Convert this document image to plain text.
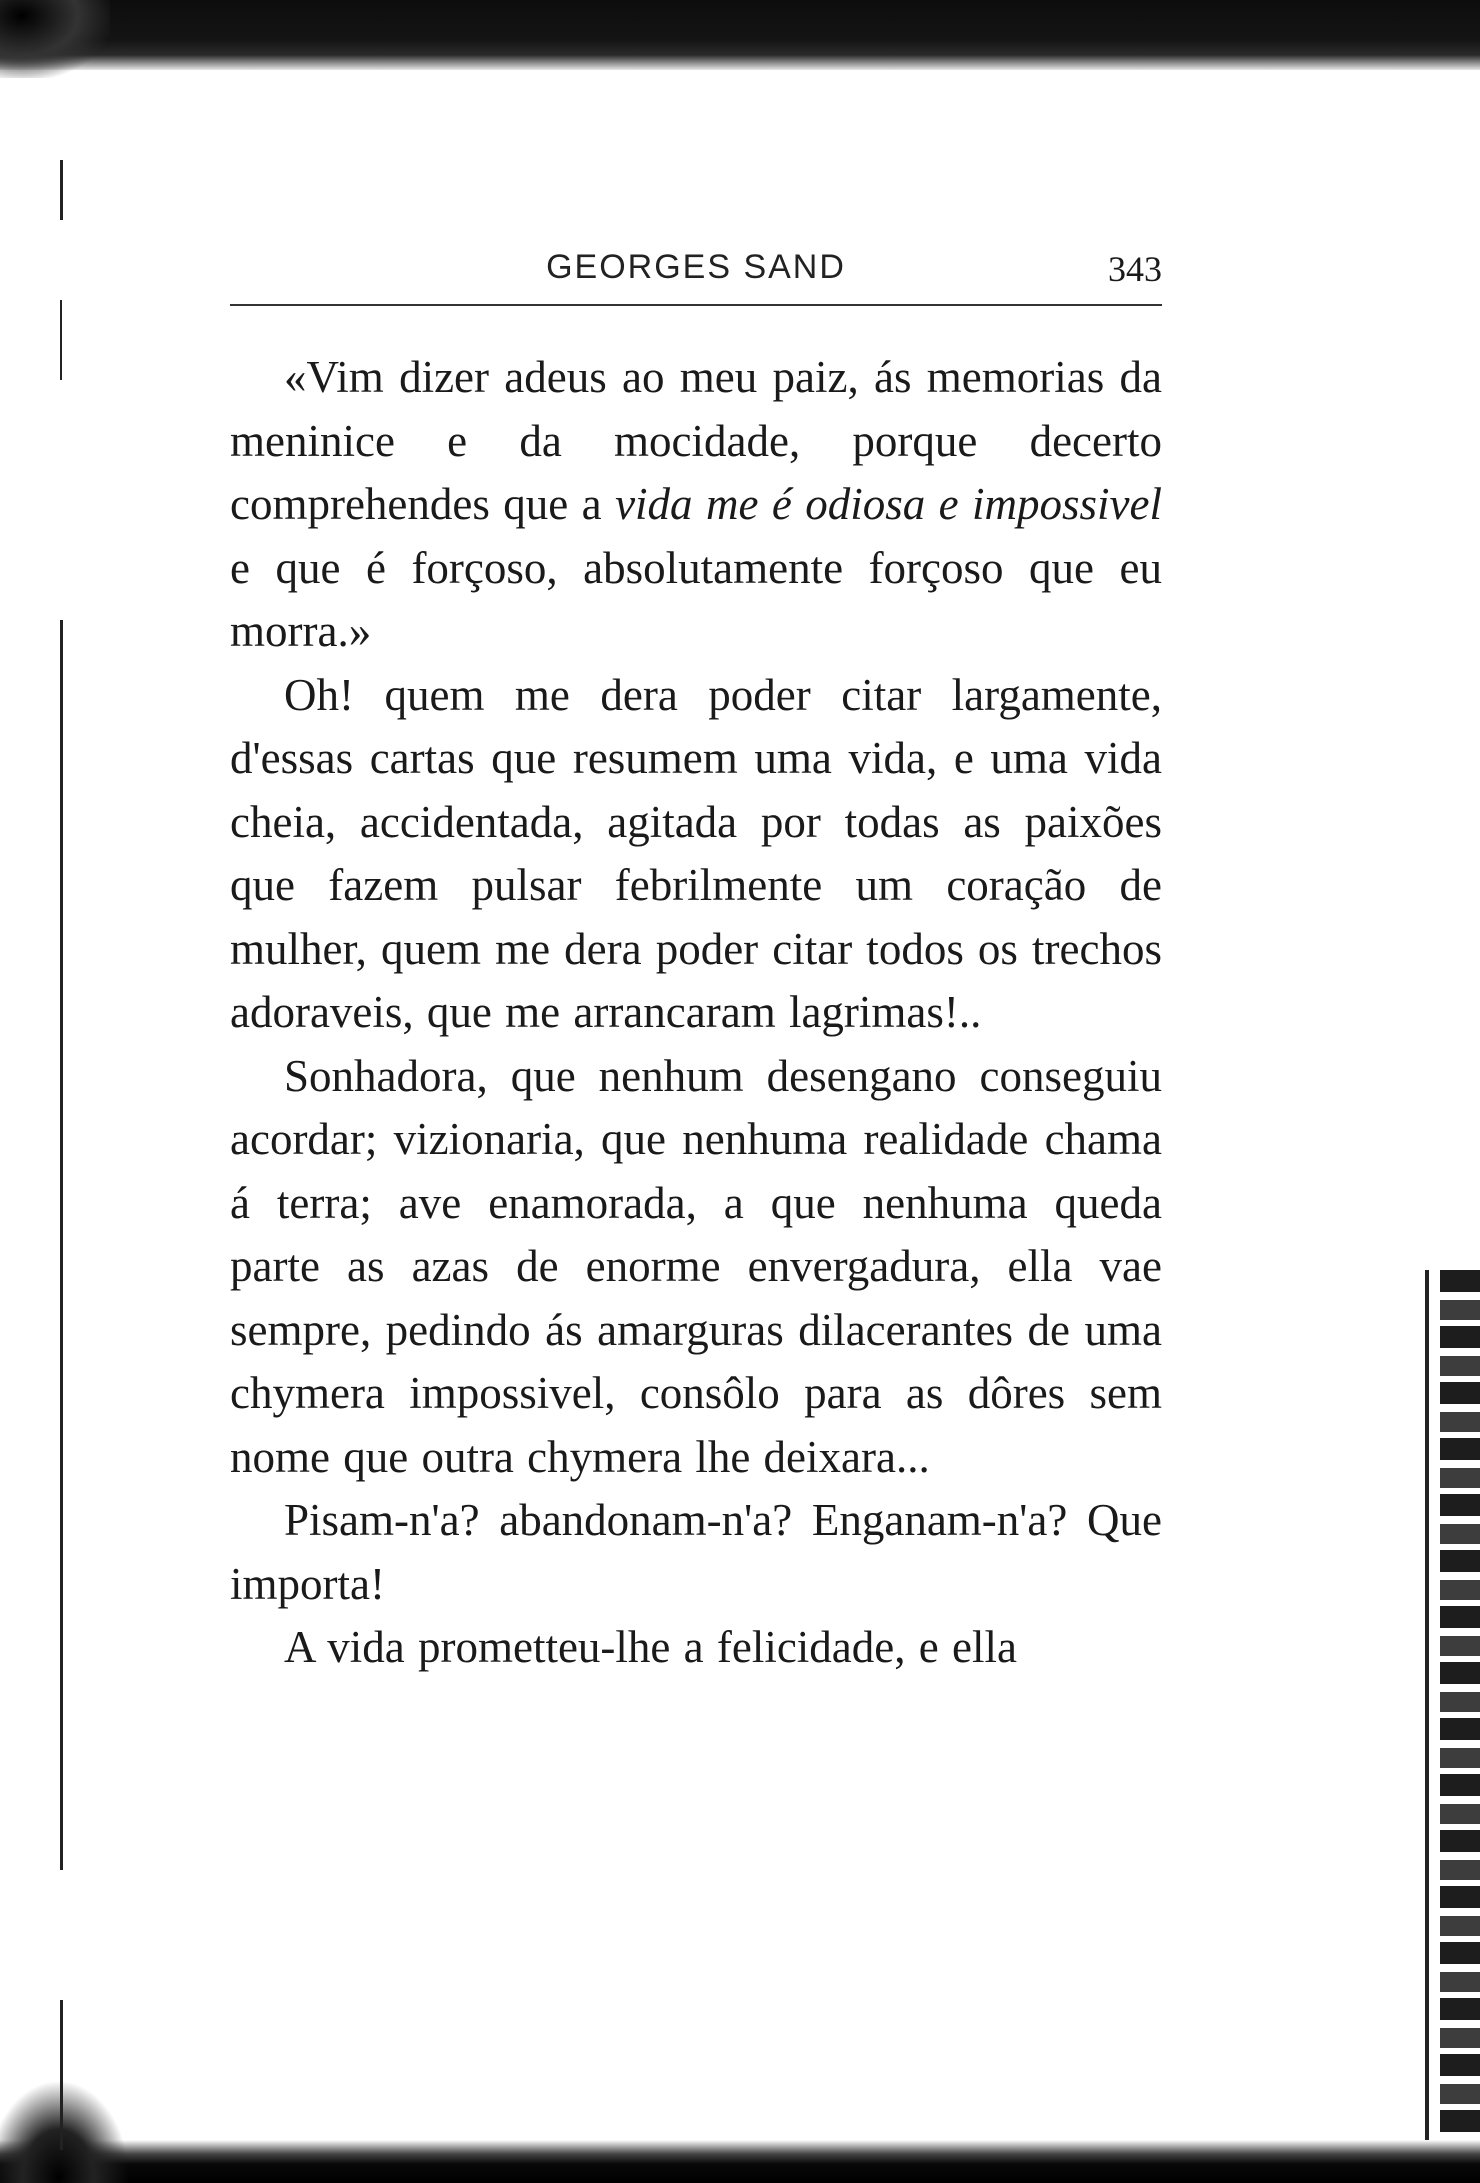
GEORGES SAND	343

«Vim dizer adeus ao meu paiz, ás memorias da meninice e da mocidade, porque decerto comprehendes que a vida me é odiosa e impossivel e que é forçoso, absolutamente forçoso que eu morra.»

Oh! quem me dera poder citar largamente, d'essas cartas que resumem uma vida, e uma vida cheia, accidentada, agitada por todas as paixões que fazem pulsar febrilmente um coração de mulher, quem me dera poder citar todos os trechos adoraveis, que me arrancaram lagrimas!..

Sonhadora, que nenhum desengano conseguiu acordar; vizionaria, que nenhuma realidade chama á terra; ave enamorada, a que nenhuma queda parte as azas de enorme envergadura, ella vae sempre, pedindo ás amarguras dilacerantes de uma chymera impossivel, consôlo para as dôres sem nome que outra chymera lhe deixara...

Pisam-n'a? abandonam-n'a? Enganam-n'a? Que importa!

A vida prometteu-lhe a felicidade, e ella
